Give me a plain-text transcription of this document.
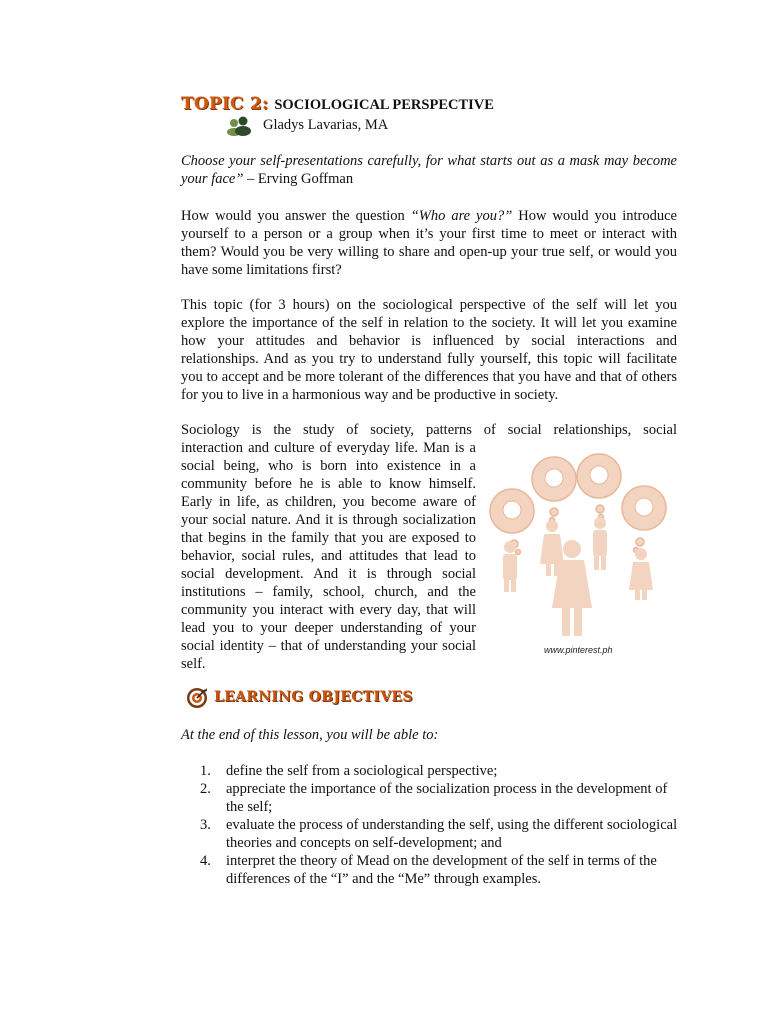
TOPIC 2: SOCIOLOGICAL PERSPECTIVE
Gladys Lavarias, MA
Choose your self-presentations carefully, for what starts out as a mask may become your face” – Erving Goffman

How would you answer the question “Who are you?” How would you introduce yourself to a person or a group when it’s your first time to meet or interact with them? Would you be very willing to share and open-up your true self, or would you have some limitations first?

This topic (for 3 hours) on the sociological perspective of the self will let you explore the importance of the self in relation to the society. It will let you examine how your attitudes and behavior is influenced by social interactions and relationships. And as you try to understand fully yourself, this topic will facilitate you to accept and be more tolerant of the differences that you have and that of others for you to live in a harmonious way and be productive in society.

Sociology is the study of society, patterns of social relationships, social

interaction and culture of everyday life. Man is a social being, who is born into existence in a community before he is able to know himself. Early in life, as children, you become aware of your social nature. And it is through socialization that begins in the family that you are exposed to behavior, social rules, and attitudes that lead to social development. And it is through social institutions – family, school, church, and the community you interact with every day, that will lead you to your deeper understanding of your social identity – that of understanding your social self.

www.pinterest.ph
LEARNING OBJECTIVES
At the end of this lesson, you will be able to:
1. define the self from a sociological perspective;
2. appreciate the importance of the socialization process in the development of the self;
3. evaluate the process of understanding the self, using the different sociological theories and concepts on self-development; and
4. interpret the theory of Mead on the development of the self in terms of the differences of the “I” and the “Me” through examples.
